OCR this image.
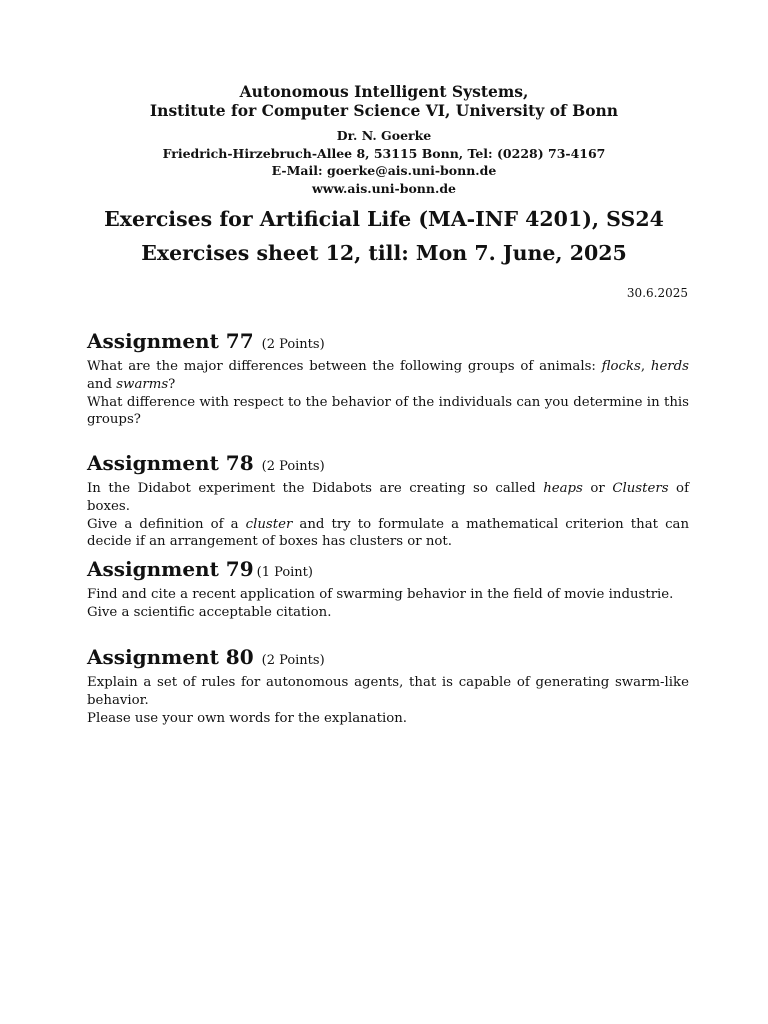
Autonomous Intelligent Systems,
Institute for Computer Science VI, University of Bonn
Dr. N. Goerke
Friedrich-Hirzebruch-Allee 8, 53115 Bonn, Tel: (0228) 73-4167
E-Mail: goerke@ais.uni-bonn.de
www.ais.uni-bonn.de
Exercises for Artificial Life (MA-INF 4201), SS24
Exercises sheet 12, till: Mon 7. June, 2025
30.6.2025
Assignment 77 (2 Points)

What are the major differences between the following groups of animals: flocks, herds and swarms?

What difference with respect to the behavior of the individuals can you determine in this groups?

Assignment 78 (2 Points)

In the Didabot experiment the Didabots are creating so called heaps or Clusters of boxes.

Give a definition of a cluster and try to formulate a mathematical criterion that can decide if an arrangement of boxes has clusters or not.

Assignment 79 (1 Point)

Find and cite a recent application of swarming behavior in the field of movie industrie.

Give a scientific acceptable citation.

Assignment 80 (2 Points)

Explain a set of rules for autonomous agents, that is capable of generating swarm-like behavior.

Please use your own words for the explanation.
